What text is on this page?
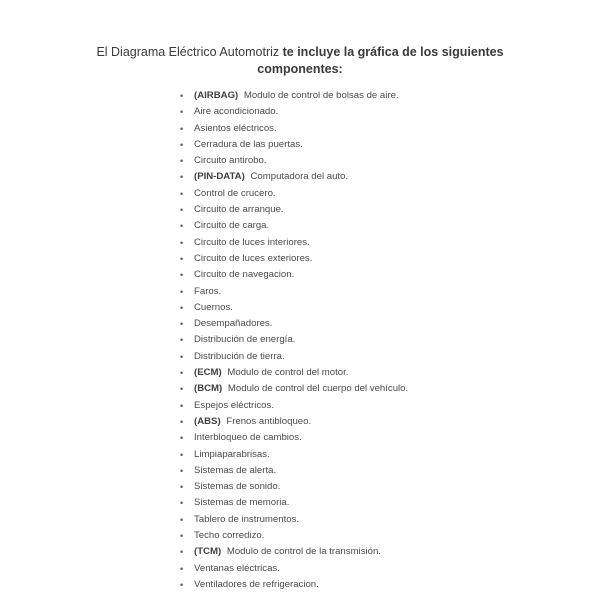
El Diagrama Eléctrico Automotriz te incluye la gráfica de los siguientes componentes:
• (AIRBAG) Modulo de control de bolsas de aire.
• Aire acondicionado.
• Asientos eléctricos.
• Cerradura de las puertas.
• Circuito antirobo.
• (PIN-DATA) Computadora del auto.
• Control de crucero.
• Circuito de arranque.
• Circuito de carga.
• Circuito de luces interiores.
• Circuito de luces exteriores.
• Circuito de navegacion.
• Faros.
• Cuernos.
• Desempañadores.
• Distribución de energía.
• Distribución de tierra.
• (ECM) Modulo de control del motor.
• (BCM) Modulo de control del cuerpo del vehículo.
• Espejos eléctricos.
• (ABS) Frenos antibloqueo.
• Interbloqueo de cambios.
• Limpiaparabrisas.
• Sistemas de alerta.
• Sistemas de sonido.
• Sistemas de memoria.
• Tablero de instrumentos.
• Techo corredizo.
• (TCM) Modulo de control de la transmisión.
• Ventanas eléctricas.
• Ventiladores de refrigeracion.
